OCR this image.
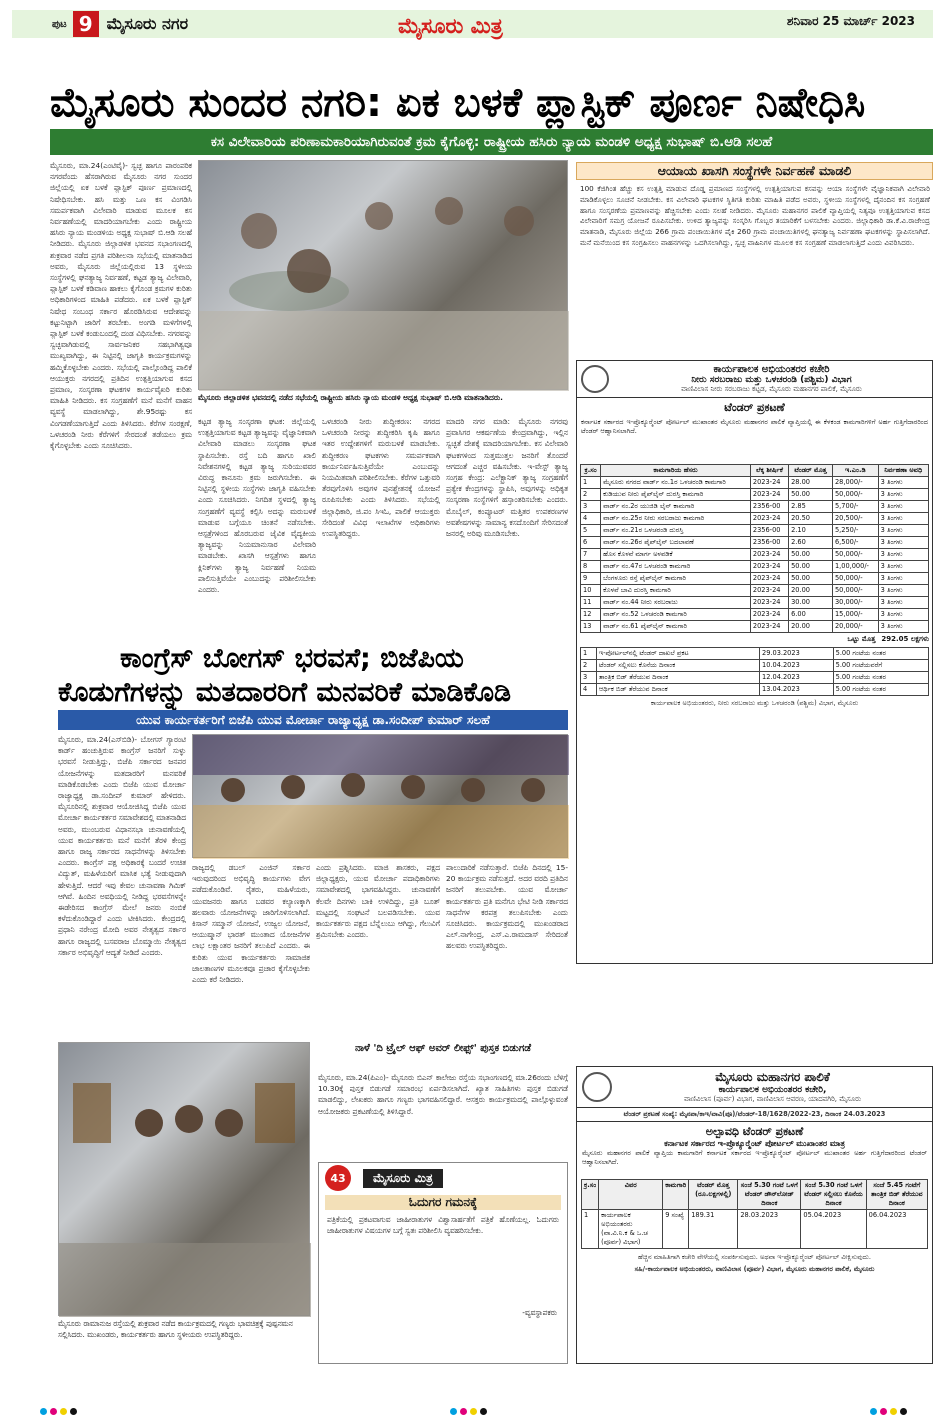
ಪುಟ 9 ಮೈಸೂರು ನಗರ	ಮೈಸೂರು ಮಿತ್ರ	ಶನಿವಾರ 25 ಮಾರ್ಚ್ 2023
ಮೈಸೂರು ಸುಂದರ ನಗರಿ: ಏಕ ಬಳಕೆ ಪ್ಲಾಸ್ಟಿಕ್ ಪೂರ್ಣ ನಿಷೇಧಿಸಿ
ಕಸ ವಿಲೇವಾರಿಯ ಪರಿಣಾಮಕಾರಿಯಾಗಿರುವಂತೆ ಕ್ರಮ ಕೈಗೊಳ್ಳಿ: ರಾಷ್ಟ್ರೀಯ ಹಸಿರು ನ್ಯಾಯ ಮಂಡಳಿ ಅಧ್ಯಕ್ಷ ಸುಭಾಷ್ ಬಿ.ಆಡಿ ಸಲಹೆ
ಮೈಸೂರು, ಮಾ.24(ಎಂಟಿವೈ)- ಸ್ವಚ್ಛ ಹಾಗೂ ಪಾರಂಪರಿಕ ನಗರವೆಂದು ಹೆಸರಾಗಿರುವ ಮೈಸೂರು ನಗರ ಸುಂದರ ಜಿಲ್ಲೆಯಲ್ಲಿ ಏಕ ಬಳಕೆ ಪ್ಲಾಸ್ಟಿಕ್ ಪೂರ್ಣ ಪ್ರಮಾಣದಲ್ಲಿ ನಿಷೇಧಿಸಬೇಕು. ಹಸಿ ಮತ್ತು ಒಣ ಕಸ ವಿಂಗಡಿಸಿ ಸಮರ್ಪಕವಾಗಿ ವಿಲೇವಾರಿ ಮಾಡುವ ಮೂಲಕ ಕಸ ನಿರ್ವಹಣೆಯಲ್ಲಿ ಮಾದರಿಯಾಗಬೇಕು ಎಂದು ರಾಷ್ಟ್ರೀಯ ಹಸಿರು ನ್ಯಾಯ ಮಂಡಳಿಯ ಅಧ್ಯಕ್ಷ ಸುಭಾಷ್ ಬಿ.ಆಡಿ ಸಲಹೆ ನೀಡಿದರು. ಮೈಸೂರು ಜಿಲ್ಲಾಡಳಿತ ಭವನದ ಸಭಾಂಗಣದಲ್ಲಿ ಶುಕ್ರವಾರ ನಡೆದ ಪ್ರಗತಿ ಪರಿಶೀಲನಾ ಸಭೆಯಲ್ಲಿ ಮಾತನಾಡಿದ ಅವರು, ಮೈಸೂರು ಜಿಲ್ಲೆಯಲ್ಲಿರುವ 13 ಸ್ಥಳೀಯ ಸಂಸ್ಥೆಗಳಲ್ಲಿ ಘನತ್ಯಾಜ್ಯ ನಿರ್ವಹಣೆ, ಕಟ್ಟಡ ತ್ಯಾಜ್ಯ ವಿಲೇವಾರಿ, ಪ್ಲಾಸ್ಟಿಕ್ ಬಳಕೆ ಕಡಿವಾಣ ಹಾಕಲು ಕೈಗೊಂಡ ಕ್ರಮಗಳ ಕುರಿತು ಅಧಿಕಾರಿಗಳಿಂದ ಮಾಹಿತಿ ಪಡೆದರು. ಏಕ ಬಳಕೆ ಪ್ಲಾಸ್ಟಿಕ್ ನಿಷೇಧ ಸಂಬಂಧ ಸರ್ಕಾರ ಹೊರಡಿಸಿರುವ ಆದೇಶವನ್ನು ಕಟ್ಟುನಿಟ್ಟಾಗಿ ಜಾರಿಗೆ ತರಬೇಕು. ಅಂಗಡಿ ಮಳಿಗೆಗಳಲ್ಲಿ ಪ್ಲಾಸ್ಟಿಕ್ ಬಳಕೆ ಕಂಡುಬಂದಲ್ಲಿ ದಂಡ ವಿಧಿಸಬೇಕು. ನಗರವನ್ನು ಸ್ವಚ್ಛವಾಗಿಡುವಲ್ಲಿ ಸಾರ್ವಜನಿಕರ ಸಹಭಾಗಿತ್ವವೂ ಮುಖ್ಯವಾಗಿದ್ದು, ಈ ನಿಟ್ಟಿನಲ್ಲಿ ಜಾಗೃತಿ ಕಾರ್ಯಕ್ರಮಗಳನ್ನು ಹಮ್ಮಿಕೊಳ್ಳಬೇಕು ಎಂದರು. ಸಭೆಯಲ್ಲಿ ಪಾಲ್ಗೊಂಡಿದ್ದ ಪಾಲಿಕೆ ಆಯುಕ್ತರು ನಗರದಲ್ಲಿ ಪ್ರತಿದಿನ ಉತ್ಪತ್ತಿಯಾಗುವ ಕಸದ ಪ್ರಮಾಣ, ಸಂಸ್ಕರಣಾ ಘಟಕಗಳ ಕಾರ್ಯವೈಖರಿ ಕುರಿತು ಮಾಹಿತಿ ನೀಡಿದರು. ಕಸ ಸಂಗ್ರಹಣೆಗೆ ಮನೆ ಮನೆಗೆ ವಾಹನ ವ್ಯವಸ್ಥೆ ಮಾಡಲಾಗಿದ್ದು, ಶೇ.95ರಷ್ಟು ಕಸ ವಿಂಗಡಣೆಯಾಗುತ್ತಿದೆ ಎಂದು ತಿಳಿಸಿದರು. ಕೆರೆಗಳ ಸಂರಕ್ಷಣೆ, ಒಳಚರಂಡಿ ನೀರು ಕೆರೆಗಳಿಗೆ ಸೇರದಂತೆ ತಡೆಯಲು ಕ್ರಮ ಕೈಗೊಳ್ಳಬೇಕು ಎಂದು ಸೂಚಿಸಿದರು.
ಮೈಸೂರು ಜಿಲ್ಲಾಡಳಿತ ಭವನದಲ್ಲಿ ನಡೆದ ಸಭೆಯಲ್ಲಿ ರಾಷ್ಟ್ರೀಯ ಹಸಿರು ನ್ಯಾಯ ಮಂಡಳಿ ಅಧ್ಯಕ್ಷ ಸುಭಾಷ್ ಬಿ.ಆಡಿ ಮಾತನಾಡಿದರು.
ಕಟ್ಟಡ ತ್ಯಾಜ್ಯ ಸಂಸ್ಕರಣಾ ಘಟಕ: ಜಿಲ್ಲೆಯಲ್ಲಿ ಉತ್ಪತ್ತಿಯಾಗುವ ಕಟ್ಟಡ ತ್ಯಾಜ್ಯವನ್ನು ವೈಜ್ಞಾನಿಕವಾಗಿ ವಿಲೇವಾರಿ ಮಾಡಲು ಸಂಸ್ಕರಣಾ ಘಟಕ ಸ್ಥಾಪಿಸಬೇಕು. ರಸ್ತೆ ಬದಿ ಹಾಗೂ ಖಾಲಿ ನಿವೇಶನಗಳಲ್ಲಿ ಕಟ್ಟಡ ತ್ಯಾಜ್ಯ ಸುರಿಯುವವರ ವಿರುದ್ಧ ಕಾನೂನು ಕ್ರಮ ಜರುಗಿಸಬೇಕು. ಈ ನಿಟ್ಟಿನಲ್ಲಿ ಸ್ಥಳೀಯ ಸಂಸ್ಥೆಗಳು ಜಾಗೃತಿ ವಹಿಸಬೇಕು ಎಂದು ಸೂಚಿಸಿದರು. ನಿಗದಿತ ಸ್ಥಳದಲ್ಲಿ ತ್ಯಾಜ್ಯ ಸಂಗ್ರಹಣೆಗೆ ವ್ಯವಸ್ಥೆ ಕಲ್ಪಿಸಿ ಅದನ್ನು ಮರುಬಳಕೆ ಮಾಡುವ ಬಗ್ಗೆಯೂ ಚಿಂತನೆ ನಡೆಸಬೇಕು. ಆಸ್ಪತ್ರೆಗಳಿಂದ ಹೊರಬರುವ ಜೈವಿಕ ವೈದ್ಯಕೀಯ ತ್ಯಾಜ್ಯವನ್ನು ನಿಯಮಾನುಸಾರ ವಿಲೇವಾರಿ ಮಾಡಬೇಕು. ಖಾಸಗಿ ಆಸ್ಪತ್ರೆಗಳು ಹಾಗೂ ಕ್ಲಿನಿಕ್‍ಗಳು ತ್ಯಾಜ್ಯ ನಿರ್ವಹಣೆ ನಿಯಮ ಪಾಲಿಸುತ್ತಿವೆಯೇ ಎಂಬುದನ್ನು ಪರಿಶೀಲಿಸಬೇಕು ಎಂದರು.
ಒಳಚರಂಡಿ ನೀರು ಶುದ್ಧೀಕರಣ: ನಗರದ ಒಳಚರಂಡಿ ನೀರನ್ನು ಶುದ್ಧೀಕರಿಸಿ ಕೃಷಿ ಹಾಗೂ ಇತರ ಉದ್ದೇಶಗಳಿಗೆ ಮರುಬಳಕೆ ಮಾಡಬೇಕು. ಶುದ್ಧೀಕರಣ ಘಟಕಗಳು ಸಮರ್ಪಕವಾಗಿ ಕಾರ್ಯನಿರ್ವಹಿಸುತ್ತಿವೆಯೇ ಎಂಬುದನ್ನು ನಿಯಮಿತವಾಗಿ ಪರಿಶೀಲಿಸಬೇಕು. ಕೆರೆಗಳ ಒತ್ತುವರಿ ತೆರವುಗೊಳಿಸಿ ಅವುಗಳ ಪುನಶ್ಚೇತನಕ್ಕೆ ಯೋಜನೆ ರೂಪಿಸಬೇಕು ಎಂದು ತಿಳಿಸಿದರು. ಸಭೆಯಲ್ಲಿ ಜಿಲ್ಲಾಧಿಕಾರಿ, ಜಿ.ಪಂ ಸಿಇಓ, ಪಾಲಿಕೆ ಆಯುಕ್ತರು ಸೇರಿದಂತೆ ವಿವಿಧ ಇಲಾಖೆಗಳ ಅಧಿಕಾರಿಗಳು ಉಪಸ್ಥಿತರಿದ್ದರು.
ಮಾದರಿ ನಗರ ಮಾಡಿ: ಮೈಸೂರು ನಗರವು ಪ್ರವಾಸಿಗರ ಆಕರ್ಷಣೆಯ ಕೇಂದ್ರವಾಗಿದ್ದು, ಇಲ್ಲಿನ ಸ್ವಚ್ಛತೆ ದೇಶಕ್ಕೆ ಮಾದರಿಯಾಗಬೇಕು. ಕಸ ವಿಲೇವಾರಿ ಘಟಕಗಳಿಂದ ಸುತ್ತಮುತ್ತಲ ಜನರಿಗೆ ತೊಂದರೆ ಆಗದಂತೆ ಎಚ್ಚರ ವಹಿಸಬೇಕು. ಇ-ವೇಸ್ಟ್ ತ್ಯಾಜ್ಯ ಸಂಗ್ರಹ ಕೇಂದ್ರ: ಎಲೆಕ್ಟ್ರಾನಿಕ್ ತ್ಯಾಜ್ಯ ಸಂಗ್ರಹಣೆಗೆ ಪ್ರತ್ಯೇಕ ಕೇಂದ್ರಗಳನ್ನು ಸ್ಥಾಪಿಸಿ, ಅವುಗಳನ್ನು ಅಧಿಕೃತ ಸಂಸ್ಕರಣಾ ಸಂಸ್ಥೆಗಳಿಗೆ ಹಸ್ತಾಂತರಿಸಬೇಕು ಎಂದರು. ಮೊಬೈಲ್, ಕಂಪ್ಯೂಟರ್ ಮತ್ತಿತರ ಉಪಕರಣಗಳ ಅವಶೇಷಗಳನ್ನು ಸಾಮಾನ್ಯ ಕಸದೊಂದಿಗೆ ಸೇರಿಸದಂತೆ ಜನರಲ್ಲಿ ಅರಿವು ಮೂಡಿಸಬೇಕು.
ಆಯಾಯ ಖಾಸಗಿ ಸಂಸ್ಥೆಗಳೇ ನಿರ್ವಹಣೆ ಮಾಡಲಿ
100 ಕೆಜಿಗಿಂತ ಹೆಚ್ಚು ಕಸ ಉತ್ಪತ್ತಿ ಮಾಡುವ ದೊಡ್ಡ ಪ್ರಮಾಣದ ಸಂಸ್ಥೆಗಳಲ್ಲಿ ಉತ್ಪತ್ತಿಯಾಗುವ ಕಸವನ್ನು ಆಯಾ ಸಂಸ್ಥೆಗಳೇ ವೈಜ್ಞಾನಿಕವಾಗಿ ವಿಲೇವಾರಿ ಮಾಡಿಕೊಳ್ಳಲು ಸೂಚನೆ ನೀಡಬೇಕು. ಕಸ ವಿಲೇವಾರಿ ಘಟಕಗಳ ಸ್ಥಿತಿಗತಿ ಕುರಿತು ಮಾಹಿತಿ ಪಡೆದ ಅವರು, ಸ್ಥಳೀಯ ಸಂಸ್ಥೆಗಳಲ್ಲಿ ದೈನಂದಿನ ಕಸ ಸಂಗ್ರಹಣೆ ಹಾಗೂ ಸಂಸ್ಕರಣೆಯ ಪ್ರಮಾಣವನ್ನು ಹೆಚ್ಚಿಸಬೇಕು ಎಂದು ಸಲಹೆ ನೀಡಿದರು. ಮೈಸೂರು ಮಹಾನಗರ ಪಾಲಿಕೆ ವ್ಯಾಪ್ತಿಯಲ್ಲಿ ನಿತ್ಯವೂ ಉತ್ಪತ್ತಿಯಾಗುವ ಕಸದ ವಿಲೇವಾರಿಗೆ ಸಮಗ್ರ ಯೋಜನೆ ರೂಪಿಸಬೇಕು. ಉಳಿದ ತ್ಯಾಜ್ಯವನ್ನು ಸಂಸ್ಕರಿಸಿ ಗೊಬ್ಬರ ತಯಾರಿಕೆಗೆ ಬಳಸಬೇಕು ಎಂದರು. ಜಿಲ್ಲಾಧಿಕಾರಿ ಡಾ.ಕೆ.ವಿ.ರಾಜೇಂದ್ರ ಮಾತನಾಡಿ, ಮೈಸೂರು ಜಿಲ್ಲೆಯ 266 ಗ್ರಾಮ ಪಂಚಾಯಿತಿಗಳ ಪೈಕಿ 260 ಗ್ರಾಮ ಪಂಚಾಯಿತಿಗಳಲ್ಲಿ ಘನತ್ಯಾಜ್ಯ ನಿರ್ವಹಣಾ ಘಟಕಗಳನ್ನು ಸ್ಥಾಪಿಸಲಾಗಿದೆ. ಮನೆ ಮನೆಯಿಂದ ಕಸ ಸಂಗ್ರಹಿಸಲು ವಾಹನಗಳನ್ನು ಒದಗಿಸಲಾಗಿದ್ದು, ಸ್ವಚ್ಛ ವಾಹಿನಿಗಳ ಮೂಲಕ ಕಸ ಸಂಗ್ರಹಣೆ ಮಾಡಲಾಗುತ್ತಿದೆ ಎಂದು ವಿವರಿಸಿದರು.
ಕಾರ್ಯಪಾಲಕ ಅಭಿಯಂತರರ ಕಚೇರಿ
ನೀರು ಸರಬರಾಜು ಮತ್ತು ಒಳಚರಂಡಿ (ಪಶ್ಚಿಮ) ವಿಭಾಗ
ವಾಣಿವಿಲಾಸ ನೀರು ಸರಬರಾಜು ಕಟ್ಟಡ, ಮೈಸೂರು ಮಹಾನಗರ ಪಾಲಿಕೆ, ಮೈಸೂರು
ಟೆಂಡರ್ ಪ್ರಕಟಣೆ
ಕರ್ನಾಟಕ ಸರ್ಕಾರದ ಇ-ಪ್ರೊಕ್ಯೂರ್‍ಮೆಂಟ್ ಪೋರ್ಟಲ್ ಮುಖಾಂತರ ಮೈಸೂರು ಮಹಾನಗರ ಪಾಲಿಕೆ ವ್ಯಾಪ್ತಿಯಲ್ಲಿ ಈ ಕೆಳಕಂಡ ಕಾಮಗಾರಿಗಳಿಗೆ ಅರ್ಹ ಗುತ್ತಿಗೆದಾರರಿಂದ ಟೆಂಡರ್ ಆಹ್ವಾನಿಸಲಾಗಿದೆ.
ಕ್ರ.ಸಂ	ಕಾಮಗಾರಿಯ ಹೆಸರು	ಲೆಕ್ಕ ಶೀರ್ಷಿಕೆ	ಟೆಂಡರ್ ಮೊತ್ತ	ಇ.ಎಂ.ಡಿ	ನಿರ್ವಹಣಾ ಅವಧಿ
1	ಮೈಸೂರು ನಗರದ ವಾರ್ಡ್ ನಂ.1ರ ಒಳಚರಂಡಿ ಕಾಮಗಾರಿ	2023-24	28.00	28,000/-	3 ತಿಂಗಳು
2	ಕುಡಿಯುವ ನೀರು ಪೈಪ್‍ಲೈನ್ ದುರಸ್ತಿ ಕಾಮಗಾರಿ	2023-24	50.00	50,000/-	3 ತಿಂಗಳು
3	ವಾರ್ಡ್ ನಂ.2ರ ಯುಜಿಡಿ ಲೈನ್ ಕಾಮಗಾರಿ	2356-00	2.85	5,700/-	3 ತಿಂಗಳು
4	ವಾರ್ಡ್ ನಂ.25ರ ನೀರು ಸರಬರಾಜು ಕಾಮಗಾರಿ	2023-24	20.50	20,500/-	3 ತಿಂಗಳು
5	ವಾರ್ಡ್ ನಂ.21ರ ಒಳಚರಂಡಿ ದುರಸ್ತಿ	2356-00	2.10	5,250/-	3 ತಿಂಗಳು
6	ವಾರ್ಡ್ ನಂ.26ರ ಪೈಪ್‍ಲೈನ್ ಬದಲಾವಣೆ	2356-00	2.60	6,500/-	3 ತಿಂಗಳು
7	ಹೊಸ ಕೊಳವೆ ಮಾರ್ಗ ಅಳವಡಿಕೆ	2023-24	50.00	50,000/-	3 ತಿಂಗಳು
8	ವಾರ್ಡ್ ನಂ.47ರ ಒಳಚರಂಡಿ ಕಾಮಗಾರಿ	2023-24	50.00	1,00,000/-	3 ತಿಂಗಳು
9	ಬೆಂಗಳೂರು ರಸ್ತೆ ಪೈಪ್‍ಲೈನ್ ಕಾಮಗಾರಿ	2023-24	50.00	50,000/-	3 ತಿಂಗಳು
10	ಕೊಳವೆ ಬಾವಿ ದುರಸ್ತಿ ಕಾಮಗಾರಿ	2023-24	20.00	50,000/-	3 ತಿಂಗಳು
11	ವಾರ್ಡ್ ನಂ.44 ನೀರು ಸರಬರಾಜು	2023-24	30.00	30,000/-	3 ತಿಂಗಳು
12	ವಾರ್ಡ್ ನಂ.52 ಒಳಚರಂಡಿ ಕಾಮಗಾರಿ	2023-24	6.00	15,000/-	3 ತಿಂಗಳು
13	ವಾರ್ಡ್ ನಂ.61 ಪೈಪ್‍ಲೈನ್ ಕಾಮಗಾರಿ	2023-24	20.00	20,000/-	3 ತಿಂಗಳು
ಒಟ್ಟು ಮೊತ್ತ 292.05 ಲಕ್ಷಗಳು
1	ಇ-ಪೋರ್ಟಲ್‍ನಲ್ಲಿ ಟೆಂಡರ್ ದಾಖಲೆ ಪ್ರಕಟ	29.03.2023	5.00 ಗಂಟೆಯ ನಂತರ
2	ಟೆಂಡರ್ ಸಲ್ಲಿಸಲು ಕೊನೆಯ ದಿನಾಂಕ	10.04.2023	5.00 ಗಂಟೆಯವರೆಗೆ
3	ತಾಂತ್ರಿಕ ಬಿಡ್ ತೆರೆಯುವ ದಿನಾಂಕ	12.04.2023	5.00 ಗಂಟೆಯ ನಂತರ
4	ಆರ್ಥಿಕ ಬಿಡ್ ತೆರೆಯುವ ದಿನಾಂಕ	13.04.2023	5.00 ಗಂಟೆಯ ನಂತರ
ಕಾರ್ಯಪಾಲಕ ಅಭಿಯಂತರರು, ನೀರು ಸರಬರಾಜು ಮತ್ತು ಒಳಚರಂಡಿ (ಪಶ್ಚಿಮ) ವಿಭಾಗ, ಮೈಸೂರು
ಕಾಂಗ್ರೆಸ್ ಬೋಗಸ್ ಭರವಸೆ; ಬಿಜೆಪಿಯ
ಕೊಡುಗೆಗಳನ್ನು ಮತದಾರರಿಗೆ ಮನವರಿಕೆ ಮಾಡಿಕೊಡಿ
ಯುವ ಕಾರ್ಯಕರ್ತರಿಗೆ ಬಿಜೆಪಿ ಯುವ ಮೋರ್ಚಾ ರಾಜ್ಯಾಧ್ಯಕ್ಷ ಡಾ.ಸಂದೀಪ್ ಕುಮಾರ್ ಸಲಹೆ
ಮೈಸೂರು, ಮಾ.24(ಎಸ್‍ಬಿಡಿ)- ಬೋಗಸ್ ಗ್ಯಾರಂಟಿ ಕಾರ್ಡ್ ಹಂಚುತ್ತಿರುವ ಕಾಂಗ್ರೆಸ್ ಜನರಿಗೆ ಸುಳ್ಳು ಭರವಸೆ ನೀಡುತ್ತಿದ್ದು, ಬಿಜೆಪಿ ಸರ್ಕಾರದ ಜನಪರ ಯೋಜನೆಗಳನ್ನು ಮತದಾರರಿಗೆ ಮನವರಿಕೆ ಮಾಡಿಕೊಡಬೇಕು ಎಂದು ಬಿಜೆಪಿ ಯುವ ಮೋರ್ಚಾ ರಾಜ್ಯಾಧ್ಯಕ್ಷ ಡಾ.ಸಂದೀಪ್ ಕುಮಾರ್ ಹೇಳಿದರು. ಮೈಸೂರಿನಲ್ಲಿ ಶುಕ್ರವಾರ ಆಯೋಜಿಸಿದ್ದ ಬಿಜೆಪಿ ಯುವ ಮೋರ್ಚಾ ಕಾರ್ಯಕರ್ತರ ಸಮಾವೇಶದಲ್ಲಿ ಮಾತನಾಡಿದ ಅವರು, ಮುಂಬರುವ ವಿಧಾನಸಭಾ ಚುನಾವಣೆಯಲ್ಲಿ ಯುವ ಕಾರ್ಯಕರ್ತರು ಮನೆ ಮನೆಗೆ ತೆರಳಿ ಕೇಂದ್ರ ಹಾಗೂ ರಾಜ್ಯ ಸರ್ಕಾರದ ಸಾಧನೆಗಳನ್ನು ತಿಳಿಸಬೇಕು ಎಂದರು. ಕಾಂಗ್ರೆಸ್ ಪಕ್ಷ ಅಧಿಕಾರಕ್ಕೆ ಬಂದರೆ ಉಚಿತ ವಿದ್ಯುತ್, ಮಹಿಳೆಯರಿಗೆ ಮಾಸಿಕ ಭತ್ಯೆ ನೀಡುವುದಾಗಿ ಹೇಳುತ್ತಿದೆ. ಆದರೆ ಇವು ಕೇವಲ ಚುನಾವಣಾ ಗಿಮಿಕ್ ಆಗಿವೆ. ಹಿಂದಿನ ಅವಧಿಯಲ್ಲಿ ನೀಡಿದ್ದ ಭರವಸೆಗಳನ್ನೇ ಈಡೇರಿಸದ ಕಾಂಗ್ರೆಸ್ ಮೇಲೆ ಜನರು ನಂಬಿಕೆ ಕಳೆದುಕೊಂಡಿದ್ದಾರೆ ಎಂದು ಟೀಕಿಸಿದರು. ಕೇಂದ್ರದಲ್ಲಿ ಪ್ರಧಾನಿ ನರೇಂದ್ರ ಮೋದಿ ಅವರ ನೇತೃತ್ವದ ಸರ್ಕಾರ ಹಾಗೂ ರಾಜ್ಯದಲ್ಲಿ ಬಸವರಾಜ ಬೊಮ್ಮಾಯಿ ನೇತೃತ್ವದ ಸರ್ಕಾರ ಅಭಿವೃದ್ಧಿಗೆ ಆದ್ಯತೆ ನೀಡಿದೆ ಎಂದರು.
ರಾಜ್ಯದಲ್ಲಿ ಡಬಲ್ ಎಂಜಿನ್ ಸರ್ಕಾರ ಇರುವುದರಿಂದ ಅಭಿವೃದ್ಧಿ ಕಾರ್ಯಗಳು ವೇಗ ಪಡೆದುಕೊಂಡಿವೆ. ರೈತರು, ಮಹಿಳೆಯರು, ಯುವಜನರು ಹಾಗೂ ಬಡವರ ಕಲ್ಯಾಣಕ್ಕಾಗಿ ಹಲವಾರು ಯೋಜನೆಗಳನ್ನು ಜಾರಿಗೊಳಿಸಲಾಗಿದೆ. ಕಿಸಾನ್ ಸಮ್ಮಾನ್ ಯೋಜನೆ, ಉಜ್ವಲ ಯೋಜನೆ, ಆಯುಷ್ಮಾನ್ ಭಾರತ್ ಮುಂತಾದ ಯೋಜನೆಗಳ ಲಾಭ ಲಕ್ಷಾಂತರ ಜನರಿಗೆ ತಲುಪಿದೆ ಎಂದರು. ಈ ಕುರಿತು ಯುವ ಕಾರ್ಯಕರ್ತರು ಸಾಮಾಜಿಕ ಜಾಲತಾಣಗಳ ಮೂಲಕವೂ ಪ್ರಚಾರ ಕೈಗೊಳ್ಳಬೇಕು ಎಂದು ಕರೆ ನೀಡಿದರು.
ಎಂದು ಪ್ರಶ್ನಿಸಿದರು. ಮಾಜಿ ಶಾಸಕರು, ಪಕ್ಷದ ಜಿಲ್ಲಾಧ್ಯಕ್ಷರು, ಯುವ ಮೋರ್ಚಾ ಪದಾಧಿಕಾರಿಗಳು ಸಮಾವೇಶದಲ್ಲಿ ಭಾಗವಹಿಸಿದ್ದರು. ಚುನಾವಣೆಗೆ ಕೆಲವೇ ದಿನಗಳು ಬಾಕಿ ಉಳಿದಿದ್ದು, ಪ್ರತಿ ಬೂತ್ ಮಟ್ಟದಲ್ಲಿ ಸಂಘಟನೆ ಬಲಪಡಿಸಬೇಕು. ಯುವ ಕಾರ್ಯಕರ್ತರು ಪಕ್ಷದ ಬೆನ್ನೆಲುಬು ಆಗಿದ್ದು, ಗೆಲುವಿಗೆ ಶ್ರಮಿಸಬೇಕು ಎಂದರು.
ಪಾಲುದಾರಿಕೆ ನಡೆಸುತ್ತಾರೆ. ಬಿಜೆಪಿ ದಿನದಲ್ಲಿ 15-20 ಕಾರ್ಯಕ್ರಮ ನಡೆಸುತ್ತದೆ. ಅದರ ವರದಿ ಪ್ರತಿದಿನ ಜನರಿಗೆ ತಲುಪಬೇಕು. ಯುವ ಮೋರ್ಚಾ ಕಾರ್ಯಕರ್ತರು ಪ್ರತಿ ಮನೆಗೂ ಭೇಟಿ ನೀಡಿ ಸರ್ಕಾರದ ಸಾಧನೆಗಳ ಕರಪತ್ರ ತಲುಪಿಸಬೇಕು ಎಂದು ಸೂಚಿಸಿದರು. ಕಾರ್ಯಕ್ರಮದಲ್ಲಿ ಮುಖಂಡರಾದ ಎಲ್.ನಾಗೇಂದ್ರ, ಎಸ್.ಎ.ರಾಮದಾಸ್ ಸೇರಿದಂತೆ ಹಲವರು ಉಪಸ್ಥಿತರಿದ್ದರು.
ಮೈಸೂರು ರಾಮಾನುಜ ರಸ್ತೆಯಲ್ಲಿ ಶುಕ್ರವಾರ ನಡೆದ ಕಾರ್ಯಕ್ರಮದಲ್ಲಿ ಗಣ್ಯರು ಭಾವಚಿತ್ರಕ್ಕೆ ಪುಷ್ಪನಮನ ಸಲ್ಲಿಸಿದರು. ಮುಖಂಡರು, ಕಾರ್ಯಕರ್ತರು ಹಾಗೂ ಸ್ಥಳೀಯರು ಉಪಸ್ಥಿತರಿದ್ದರು.
ನಾಳೆ 'ದಿ ಟ್ರೈಲ್ ಆಫ್ ಅವರ್ ಲೀಫ್ಸ್' ಪುಸ್ತಕ ಬಿಡುಗಡೆ
ಮೈಸೂರು, ಮಾ.24(ಪಿಎಂ)- ಮೈಸೂರು ಬಿಎನ್ ಕಾಲೇಜು ರಸ್ತೆಯ ಸಭಾಂಗಣದಲ್ಲಿ ಮಾ.26ರಂದು ಬೆಳಿಗ್ಗೆ 10.30ಕ್ಕೆ ಪುಸ್ತಕ ಬಿಡುಗಡೆ ಸಮಾರಂಭ ಏರ್ಪಡಿಸಲಾಗಿದೆ. ಖ್ಯಾತ ಸಾಹಿತಿಗಳು ಪುಸ್ತಕ ಬಿಡುಗಡೆ ಮಾಡಲಿದ್ದು, ಲೇಖಕರು ಹಾಗೂ ಗಣ್ಯರು ಭಾಗವಹಿಸಲಿದ್ದಾರೆ. ಆಸಕ್ತರು ಕಾರ್ಯಕ್ರಮದಲ್ಲಿ ಪಾಲ್ಗೊಳ್ಳುವಂತೆ ಆಯೋಜಕರು ಪ್ರಕಟಣೆಯಲ್ಲಿ ತಿಳಿಸಿದ್ದಾರೆ.
43	ಮೈಸೂರು ಮಿತ್ರ
ಓದುಗರ ಗಮನಕ್ಕೆ
ಪತ್ರಿಕೆಯಲ್ಲಿ ಪ್ರಕಟವಾಗುವ ಜಾಹೀರಾತುಗಳ ವಿಶ್ವಾಸಾರ್ಹತೆಗೆ ಪತ್ರಿಕೆ ಹೊಣೆಯಲ್ಲ. ಓದುಗರು ಜಾಹೀರಾತುಗಳ ವಿಷಯಗಳ ಬಗ್ಗೆ ಸ್ವತಃ ಪರಿಶೀಲಿಸಿ ವ್ಯವಹರಿಸಬೇಕು.
-ವ್ಯವಸ್ಥಾಪಕರು
ಮೈಸೂರು ಮಹಾನಗರ ಪಾಲಿಕೆ
ಕಾರ್ಯಪಾಲಕ ಅಭಿಯಂತರರ ಕಚೇರಿ,
ವಾಣಿವಿಲಾಸ (ಪೂರ್ವ) ವಿಭಾಗ, ವಾಣಿವಿಲಾಸ ಆವರಣ, ಯಾದವಗಿರಿ, ಮೈಸೂರು
ಟೆಂಡರ್ ಪ್ರಕಟಣೆ ಸಂಖ್ಯೆ: ಮೈನಪಾ/ಕಾಇ/ವಾವಿ(ಪೂ)/ಟೆಂಡರ್-18/1628/2022-23, ದಿನಾಂಕ 24.03.2023
ಅಲ್ಪಾವಧಿ ಟೆಂಡರ್ ಪ್ರಕಟಣೆ
ಕರ್ನಾಟಕ ಸರ್ಕಾರದ ಇ-ಪ್ರೊಕ್ಯೂರ್‍ಮೆಂಟ್ ಪೋರ್ಟಲ್ ಮುಖಾಂತರ ಮಾತ್ರ
ಮೈಸೂರು ಮಹಾನಗರ ಪಾಲಿಕೆ ವ್ಯಾಪ್ತಿಯ ಕಾಮಗಾರಿಗೆ ಕರ್ನಾಟಕ ಸರ್ಕಾರದ ಇ-ಪ್ರೊಕ್ಯೂರ್‍ಮೆಂಟ್ ಪೋರ್ಟಲ್ ಮುಖಾಂತರ ಅರ್ಹ ಗುತ್ತಿಗೆದಾರರಿಂದ ಟೆಂಡರ್ ಆಹ್ವಾನಿಸಲಾಗಿದೆ.
ಕ್ರ.ಸಂ	ವಿವರ	ಕಾಮಗಾರಿ	ಟೆಂಡರ್ ಮೊತ್ತ (ರೂ.ಲಕ್ಷಗಳಲ್ಲಿ)	ಸಂಜೆ 5.30 ಗಂಟೆ ಒಳಗೆ ಟೆಂಡರ್ ಡೌನ್‍ಲೋಡ್ ದಿನಾಂಕ	ಸಂಜೆ 5.30 ಗಂಟೆ ಒಳಗೆ ಟೆಂಡರ್ ಸಲ್ಲಿಸಲು ಕೊನೆಯ ದಿನಾಂಕ	ಸಂಜೆ 5.45 ಗಂಟೆಗೆ ತಾಂತ್ರಿಕ ಬಿಡ್ ತೆರೆಯುವ ದಿನಾಂಕ
1	ಕಾರ್ಯಪಾಲಕ ಅಭಿಯಂತರರು (ವಾ.ವಿ.ನಿ.ಕ & ಒ.ಚ (ಪೂರ್ವ) ವಿಭಾಗ)	9 ಸಂಖ್ಯೆ	189.31	28.03.2023	05.04.2023	06.04.2023
ಹೆಚ್ಚಿನ ಮಾಹಿತಿಗಾಗಿ ಕಚೇರಿ ವೇಳೆಯಲ್ಲಿ ಸಂಪರ್ಕಿಸುವುದು. ಅಥವಾ ಇ-ಪ್ರೊಕ್ಯೂರ್‍ಮೆಂಟ್ ಪೋರ್ಟಲ್ ವೀಕ್ಷಿಸುವುದು.
ಸಹಿ/-ಕಾರ್ಯಪಾಲಕ ಅಭಿಯಂತರರು, ವಾಣಿವಿಲಾಸ (ಪೂರ್ವ) ವಿಭಾಗ, ಮೈಸೂರು ಮಹಾನಗರ ಪಾಲಿಕೆ, ಮೈಸೂರು
